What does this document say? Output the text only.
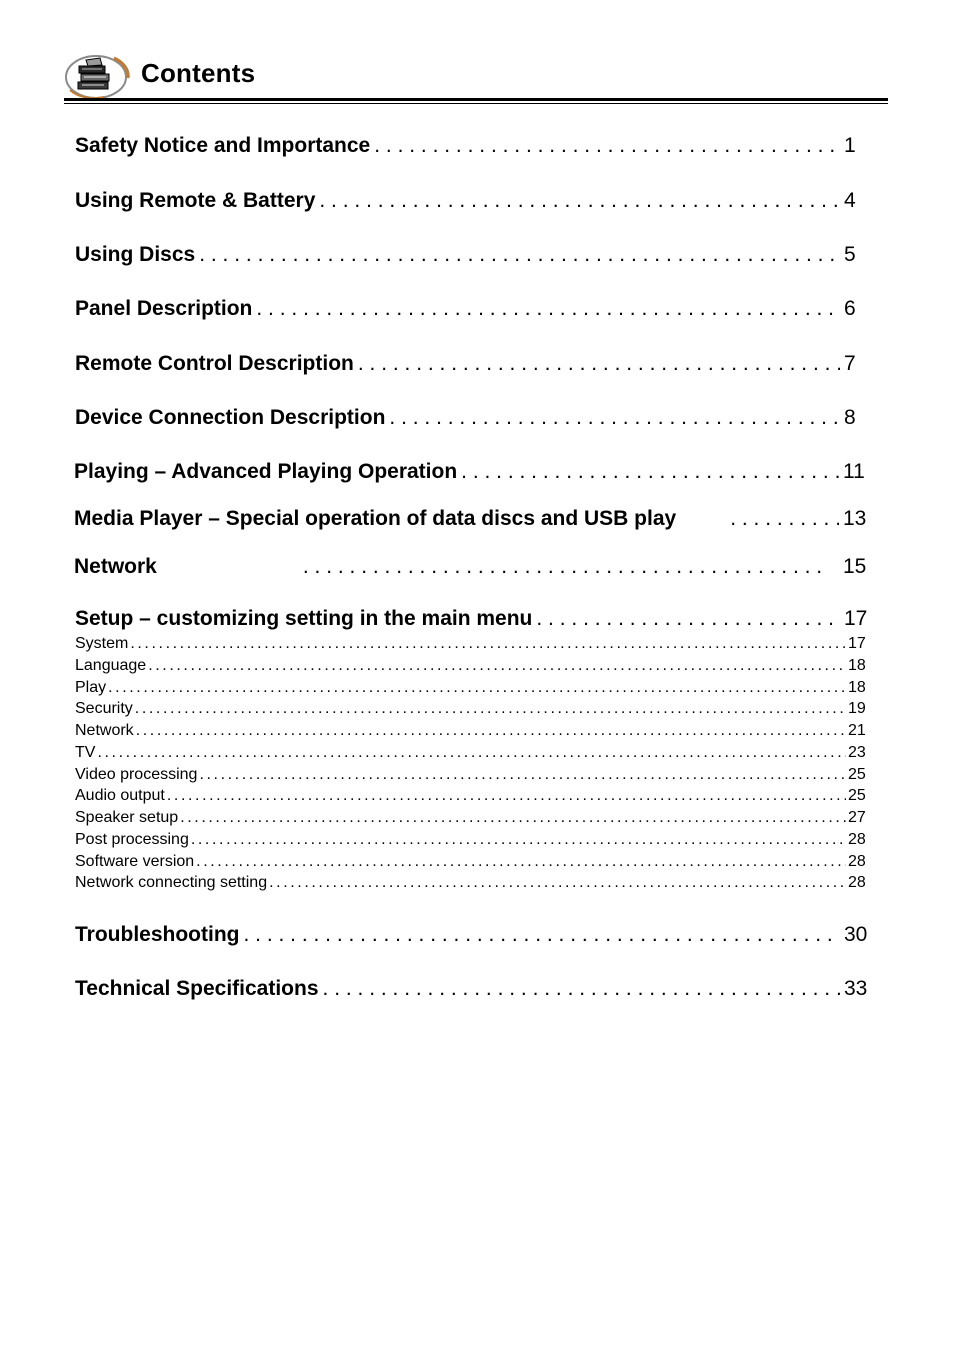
Contents
Safety Notice and Importance . . .	1
Using Remote & Battery . . .	4
Using Discs . . .	5
Panel Description . . .	6
Remote Control Description . . .	7
Device Connection Description . . .	8
Playing – Advanced Playing Operation . . .	11
Media Player – Special operation of data discs and USB play . . .	13
Network . . .	15
Setup – customizing setting in the main menu . . .	17
System .....	17
Language .....	18
Play .....	18
Security .....	19
Network .....	21
TV .....	23
Video processing .....	25
Audio output .....	25
Speaker setup .....	27
Post processing .....	28
Software version .....	28
Network connecting setting .....	28
Troubleshooting . . .	30
Technical Specifications . . .	33
